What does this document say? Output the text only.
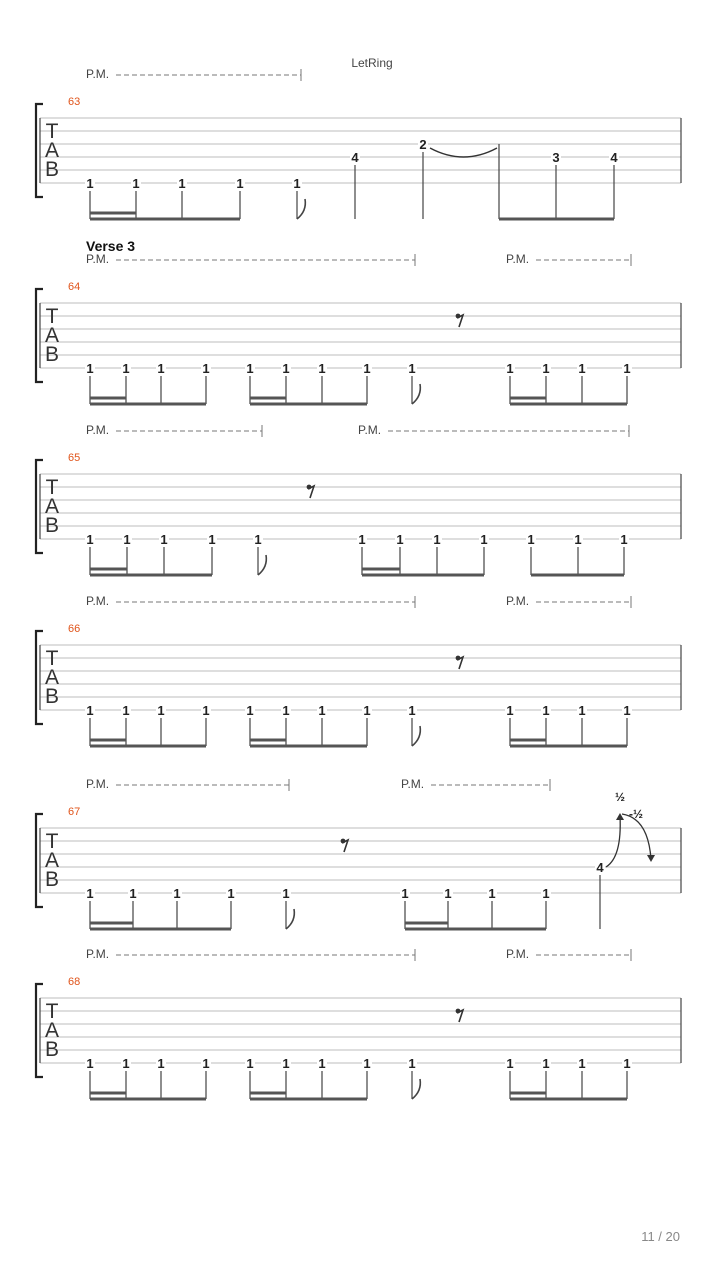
T
A
B
63
LetRing
P.M.
1	1	1	1	1
4
2
3	4
T
A
B
64
Verse 3
P.M.	P.M.
1 1 1	1	1 1 1	1	1	1 1 1	1
T
A
B
65
P.M.	P.M.
1 1 1	1	1	1 1 1	1	1	1	1
T
A
B
66
P.M.	P.M.
1 1 1	1	1 1 1	1	1	1 1 1	1
T
A
B
67
P.M.	P.M.
1	1	1	1	1	1	1	1	1
4
½
-½
T
A
B
68
P.M.	P.M.
1 1 1	1	1 1 1	1	1	1 1 1	1
11 / 20
